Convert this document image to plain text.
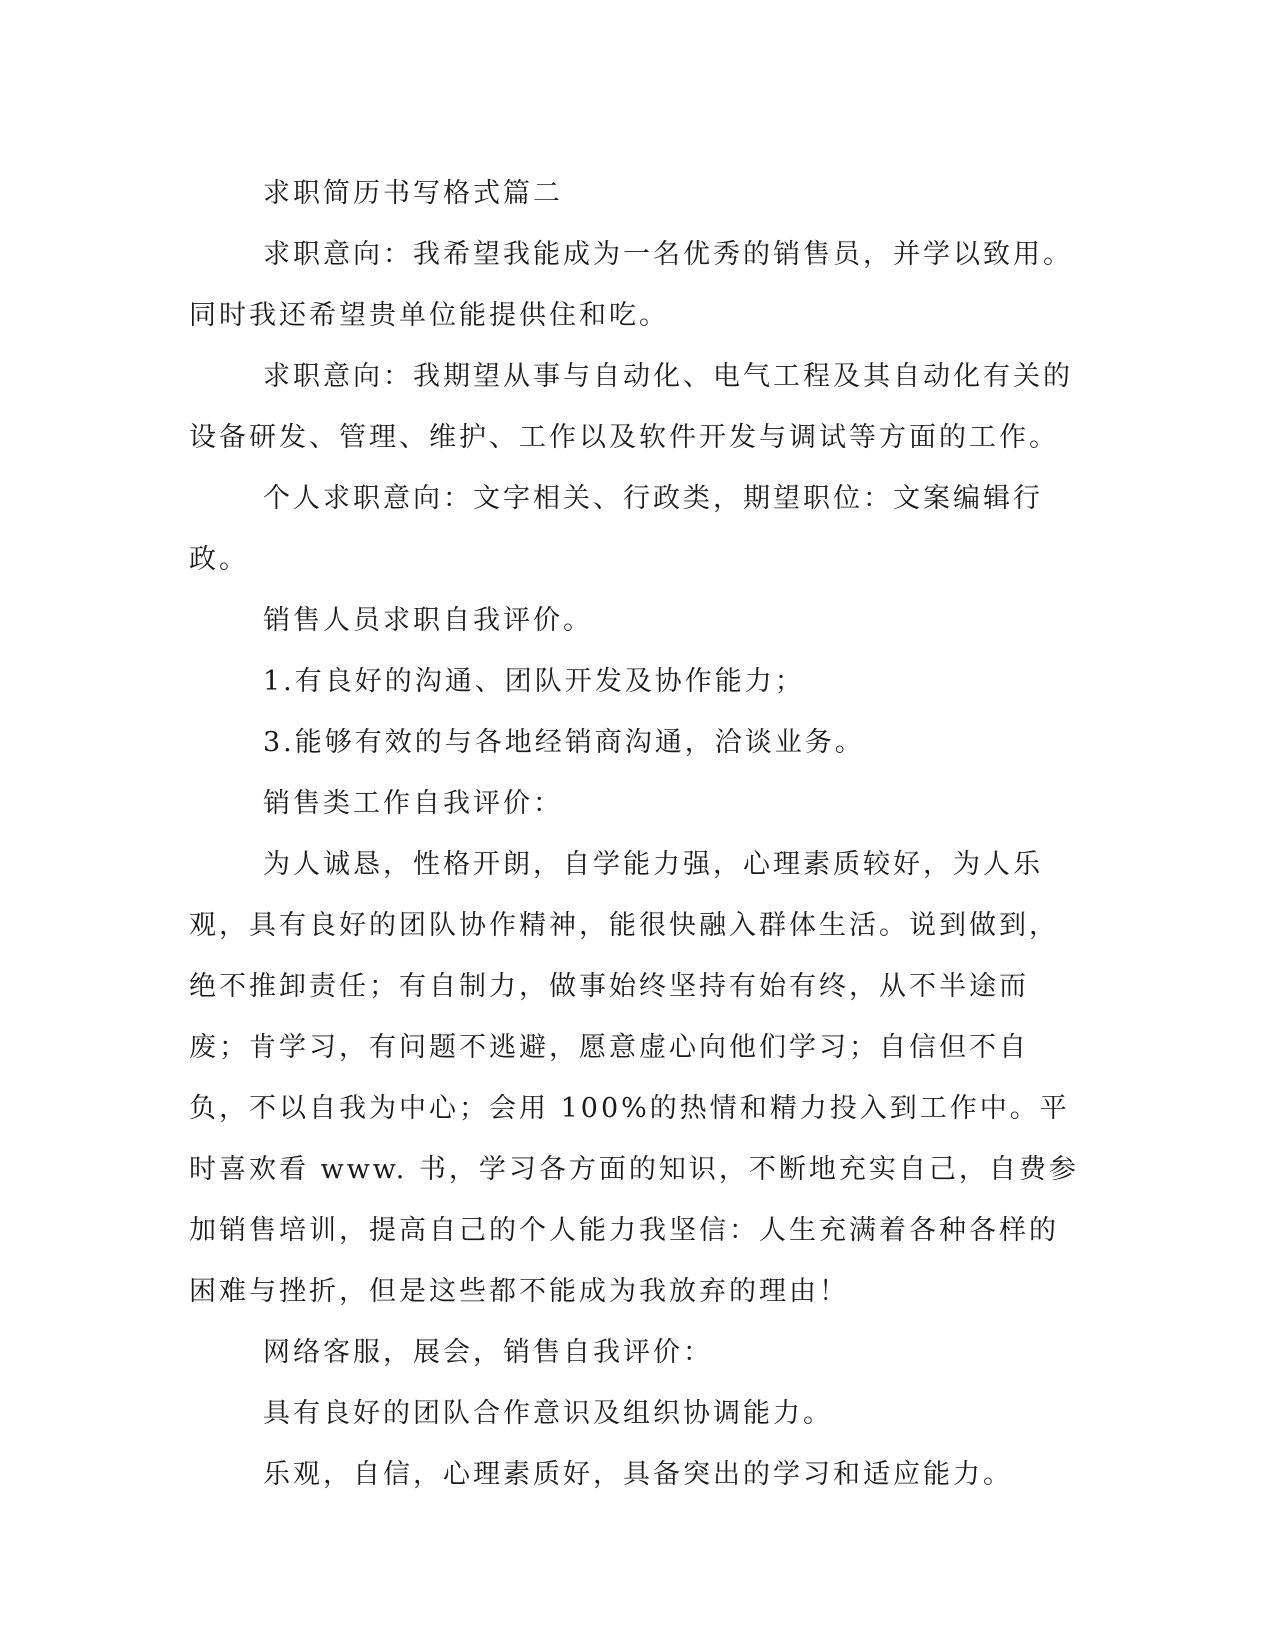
求职简历书写格式篇二

求职意向：我希望我能成为一名优秀的销售员，并学以致用。同时我还希望贵单位能提供住和吃。

求职意向：我期望从事与自动化、电气工程及其自动化有关的设备研发、管理、维护、工作以及软件开发与调试等方面的工作。

个人求职意向：文字相关、行政类，期望职位：文案编辑行政。

销售人员求职自我评价。

1.有良好的沟通、团队开发及协作能力；

3.能够有效的与各地经销商沟通，洽谈业务。

销售类工作自我评价：

为人诚恳，性格开朗，自学能力强，心理素质较好，为人乐观，具有良好的团队协作精神，能很快融入群体生活。说到做到，绝不推卸责任；有自制力，做事始终坚持有始有终，从不半途而废；肯学习，有问题不逃避，愿意虚心向他们学习；自信但不自负，不以自我为中心；会用 100%的热情和精力投入到工作中。平时喜欢看 www. 书，学习各方面的知识，不断地充实自己，自费参加销售培训，提高自己的个人能力我坚信：人生充满着各种各样的困难与挫折，但是这些都不能成为我放弃的理由！

网络客服，展会，销售自我评价：

具有良好的团队合作意识及组织协调能力。

乐观，自信，心理素质好，具备突出的学习和适应能力。
